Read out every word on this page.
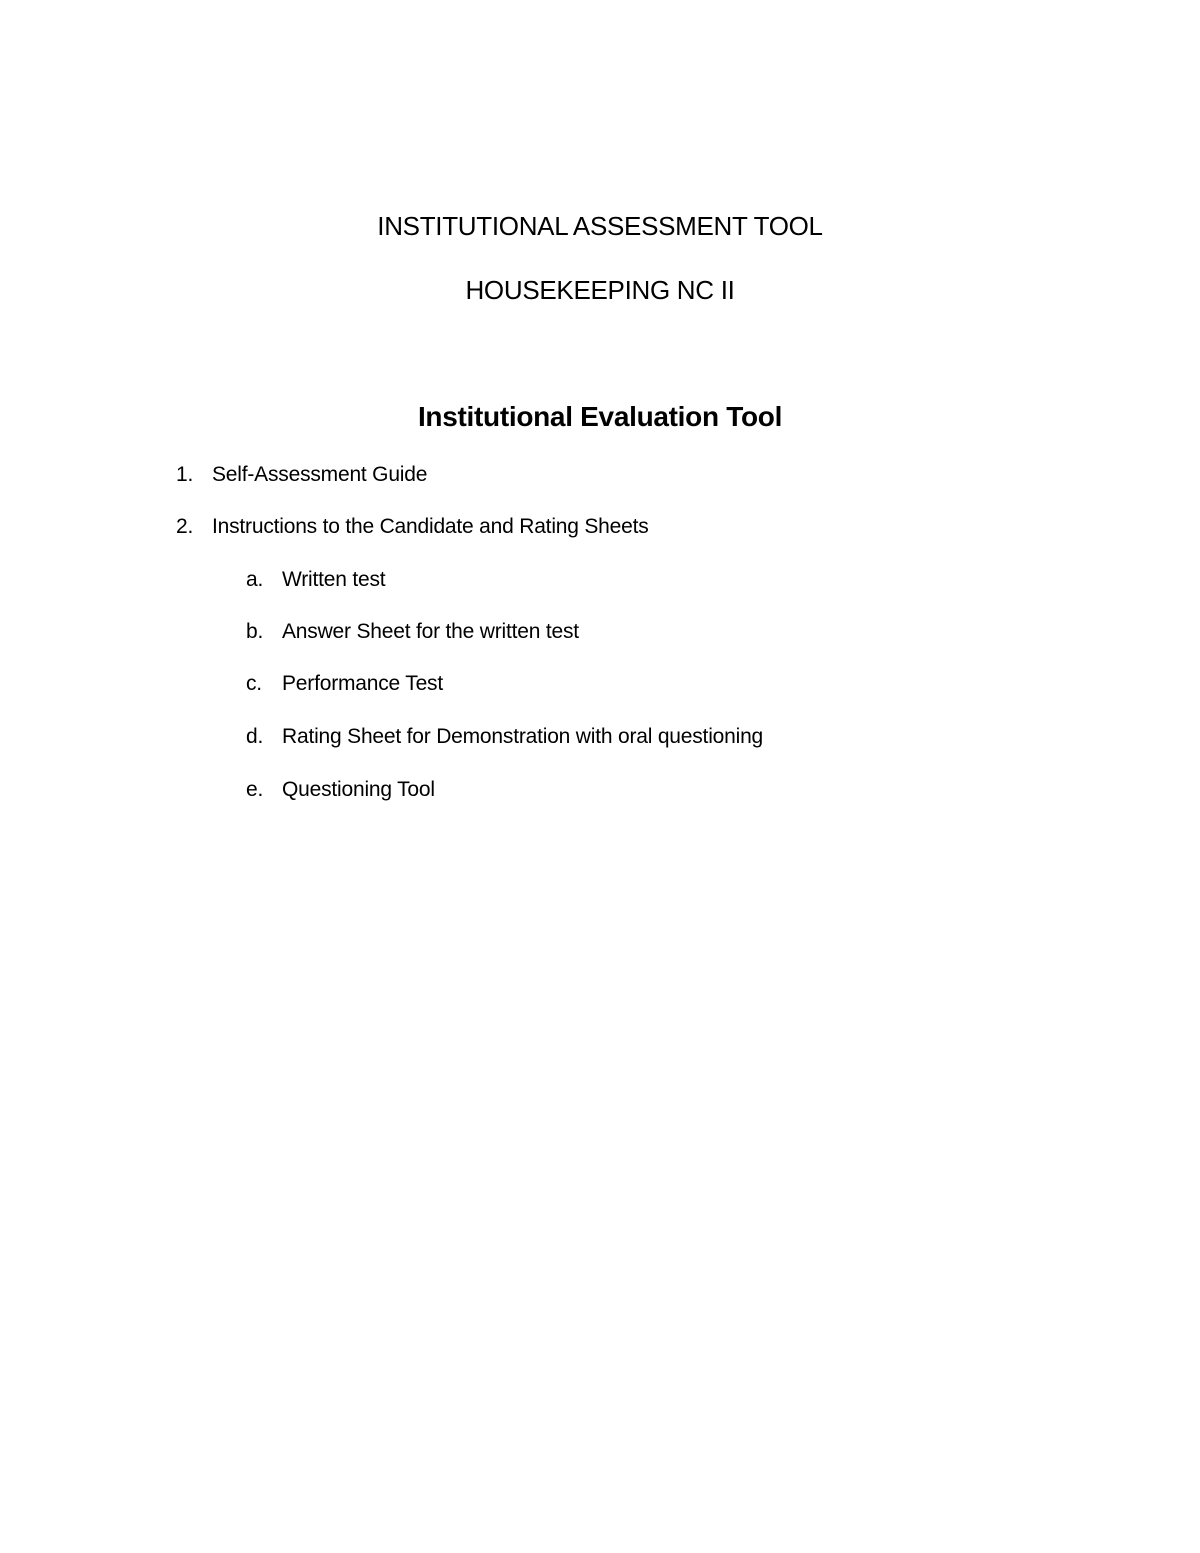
INSTITUTIONAL ASSESSMENT TOOL
HOUSEKEEPING NC II
Institutional Evaluation Tool
1. Self-Assessment Guide
2. Instructions to the Candidate and Rating Sheets
a. Written test
b. Answer Sheet for the written test
c. Performance Test
d. Rating Sheet for Demonstration with oral questioning
e. Questioning Tool
